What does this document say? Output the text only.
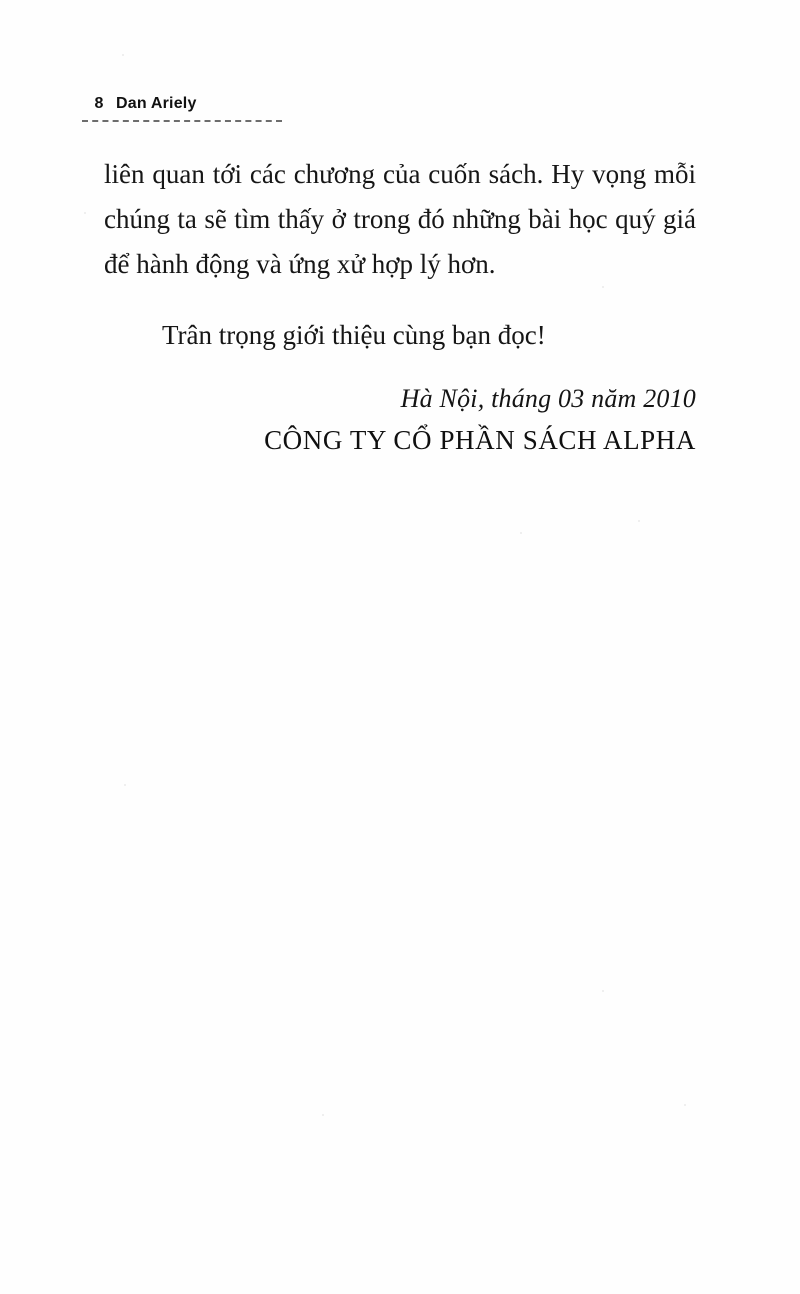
8 Dan Ariely

liên quan tới các chương của cuốn sách. Hy vọng mỗi chúng ta sẽ tìm thấy ở trong đó những bài học quý giá để hành động và ứng xử hợp lý hơn.

Trân trọng giới thiệu cùng bạn đọc!

Hà Nội, tháng 03 năm 2010
CÔNG TY CỔ PHẦN SÁCH ALPHA
